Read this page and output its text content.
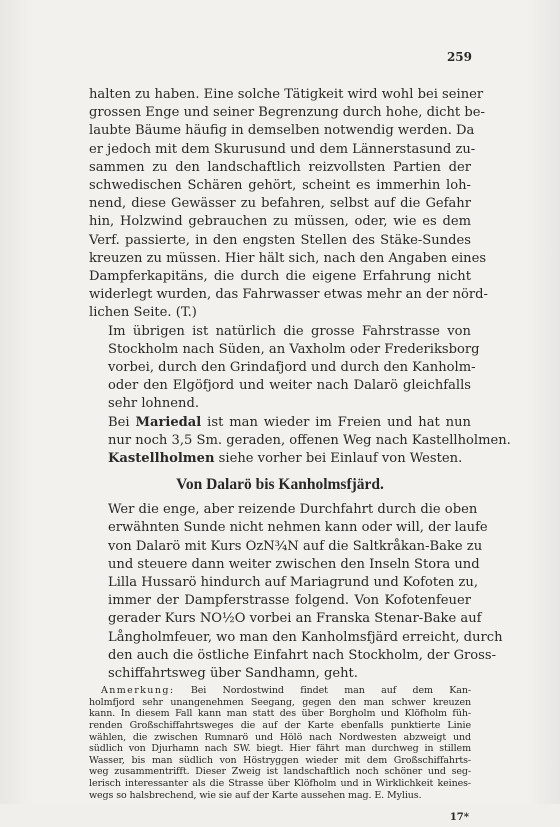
259

halten zu haben. Eine solche Tätigkeit wird wohl bei seiner
grossen Enge und seiner Begrenzung durch hohe, dicht be-
laubte Bäume häufig in demselben notwendig werden. Da
er jedoch mit dem Skurusund und dem Lännerstasund zu-
sammen zu den landschaftlich reizvollsten Partien der
schwedischen Schären gehört, scheint es immerhin loh-
nend, diese Gewässer zu befahren, selbst auf die Gefahr
hin, Holzwind gebrauchen zu müssen, oder, wie es dem
Verf. passierte, in den engsten Stellen des Stäke-Sundes
kreuzen zu müssen. Hier hält sich, nach den Angaben eines
Dampferkapitäns, die durch die eigene Erfahrung nicht
widerlegt wurden, das Fahrwasser etwas mehr an der nörd-
lichen Seite. (T.)

Im übrigen ist natürlich die grosse Fahrstrasse von
Stockholm nach Süden, an Vaxholm oder Frederiksborg
vorbei, durch den Grindafjord und durch den Kanholm-
oder den Elgöfjord und weiter nach Dalarö gleichfalls
sehr lohnend.

Bei Mariedal ist man wieder im Freien und hat nun
nur noch 3,5 Sm. geraden, offenen Weg nach Kastellholmen.

Kastellholmen siehe vorher bei Einlauf von Westen.

Von Dalarö bis Kanholmsfjärd.

Wer die enge, aber reizende Durchfahrt durch die oben
erwähnten Sunde nicht nehmen kann oder will, der laufe
von Dalarö mit Kurs OzN¾N auf die Saltkråkan-Bake zu
und steuere dann weiter zwischen den Inseln Stora und
Lilla Hussarö hindurch auf Mariagrund und Kofoten zu,
immer der Dampferstrasse folgend. Von Kofotenfeuer
gerader Kurs NO½O vorbei an Franska Stenar-Bake auf
Långholmfeuer, wo man den Kanholmsfjärd erreicht, durch
den auch die östliche Einfahrt nach Stockholm, der Gross-
schiffahrtsweg über Sandhamn, geht.

Anmerkung: Bei Nordostwind findet man auf dem Kan-
holmfjord sehr unangenehmen Seegang, gegen den man schwer kreuzen
kann. In diesem Fall kann man statt des über Borgholm und Klöfholm füh-
renden Großschiffahrtsweges die auf der Karte ebenfalls punktierte Linie
wählen, die zwischen Rumnarö und Hölö nach Nordwesten abzweigt und
südlich von Djurhamn nach SW. biegt. Hier fährt man durchweg in stillem
Wasser, bis man südlich von Höstryggen wieder mit dem Großschiffahrts-
weg zusammentrifft. Dieser Zweig ist landschaftlich noch schöner und seg-
lerisch interessanter als die Strasse über Klöfholm und in Wirklichkeit keines-
wegs so halsbrechend, wie sie auf der Karte aussehen mag. E. Mylius.
17*
